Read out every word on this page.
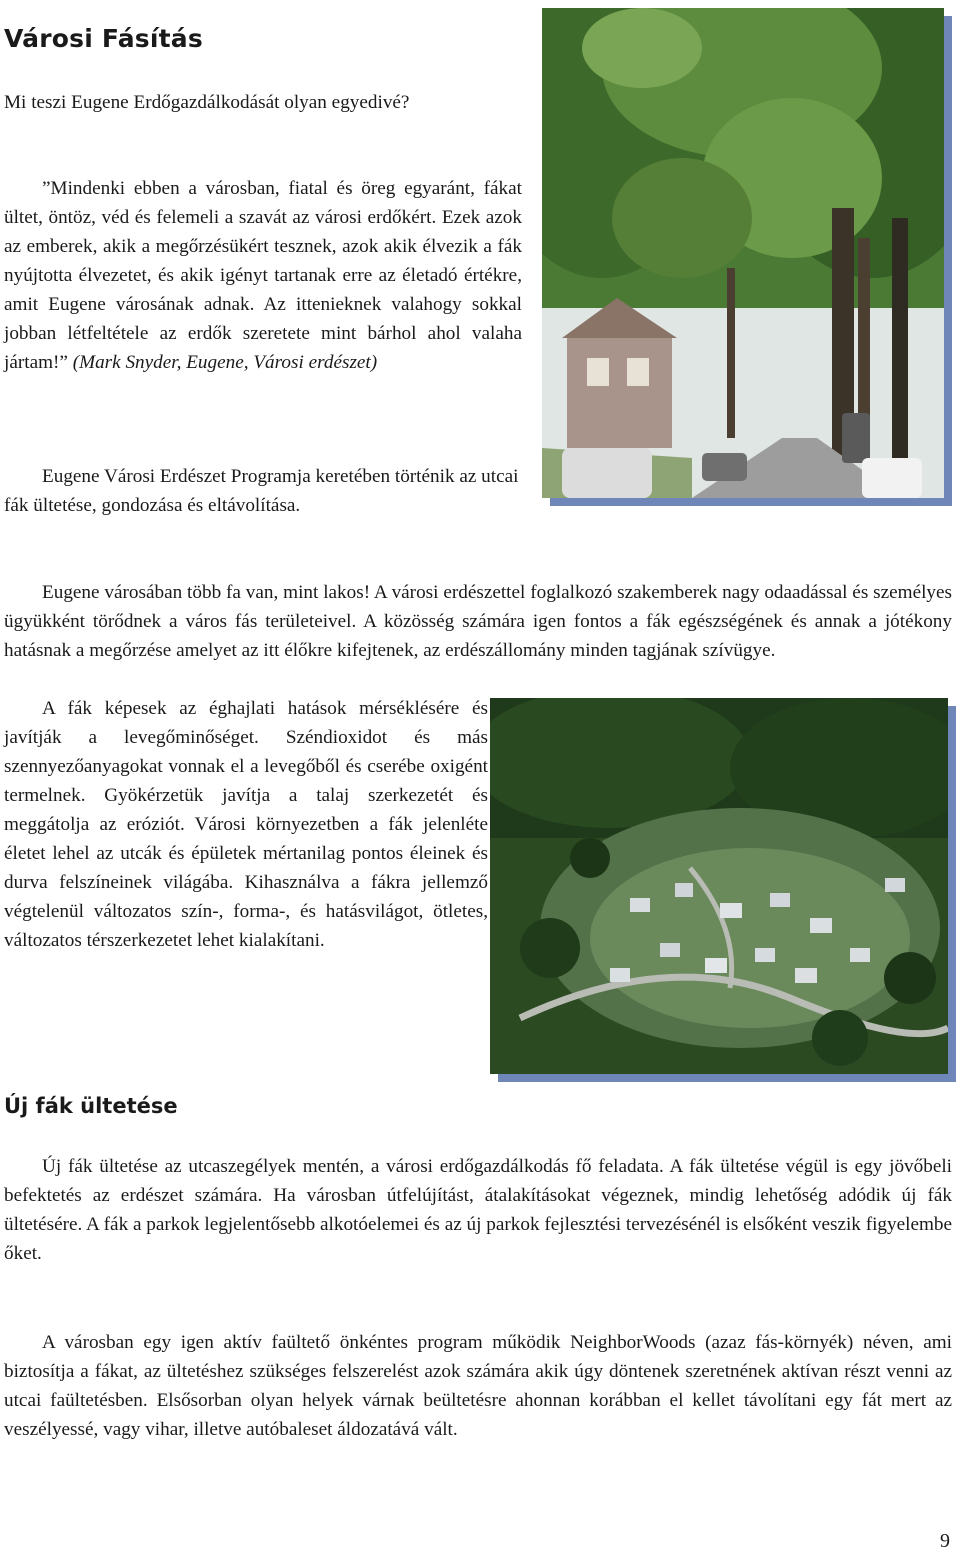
Városi Fásítás

Mi teszi Eugene Erdőgazdálkodását olyan egyedivé?

”Mindenki ebben a városban, fiatal és öreg egyaránt, fákat ültet, öntöz, véd és felemeli a szavát az városi erdőkért. Ezek azok az emberek, akik a megőrzésükért tesznek, azok akik élvezik a fák nyújtotta élvezetet, és akik igényt tartanak erre az életadó értékre, amit Eugene városának adnak. Az ittenieknek valahogy sokkal jobban létfeltétele az erdők szeretete mint bárhol ahol valaha jártam!” (Mark Snyder, Eugene, Városi erdészet)

Eugene Városi Erdészet Programja keretében történik az utcai fák ültetése, gondozása és eltávolítása.

Eugene városában több fa van, mint lakos! A városi erdészettel foglalkozó szakemberek nagy odaadással és személyes ügyükként törődnek a város fás területeivel. A közösség számára igen fontos a fák egészségének és annak a jótékony hatásnak a megőrzése amelyet az itt élőkre kifejtenek, az erdészállomány minden tagjának szívügye.

A fák képesek az éghajlati hatások mérséklésére és javítják a levegőminőséget. Széndioxidot és más szennyezőanyagokat vonnak el a levegőből és cserébe oxigént termelnek. Gyökérzetük javítja a talaj szerkezetét és meggátolja az eróziót. Városi környezetben a fák jelenléte életet lehel az utcák és épületek mértanilag pontos éleinek és durva felszíneinek világába. Kihasználva a fákra jellemző végtelenül változatos szín-, forma-, és hatásvilágot, ötletes, változatos térszerkezetet lehet kialakítani.

Új fák ültetése

Új fák ültetése az utcaszegélyek mentén, a városi erdőgazdálkodás fő feladata. A fák ültetése végül is egy jövőbeli befektetés az erdészet számára. Ha városban útfelújítást, átalakításokat végeznek, mindig lehetőség adódik új fák ültetésére. A fák a parkok legjelentősebb alkotóelemei és az új parkok fejlesztési tervezésénél is elsőként veszik figyelembe őket.

A városban egy igen aktív faültető önkéntes program működik NeighborWoods (azaz fás-környék) néven, ami biztosítja a fákat, az ültetéshez szükséges felszerelést azok számára akik úgy döntenek szeretnének aktívan részt venni az utcai faültetésben. Elsősorban olyan helyek várnak beültetésre ahonnan korábban el kellet távolítani egy fát mert az veszélyessé, vagy vihar, illetve autóbaleset áldozatává vált.

9
